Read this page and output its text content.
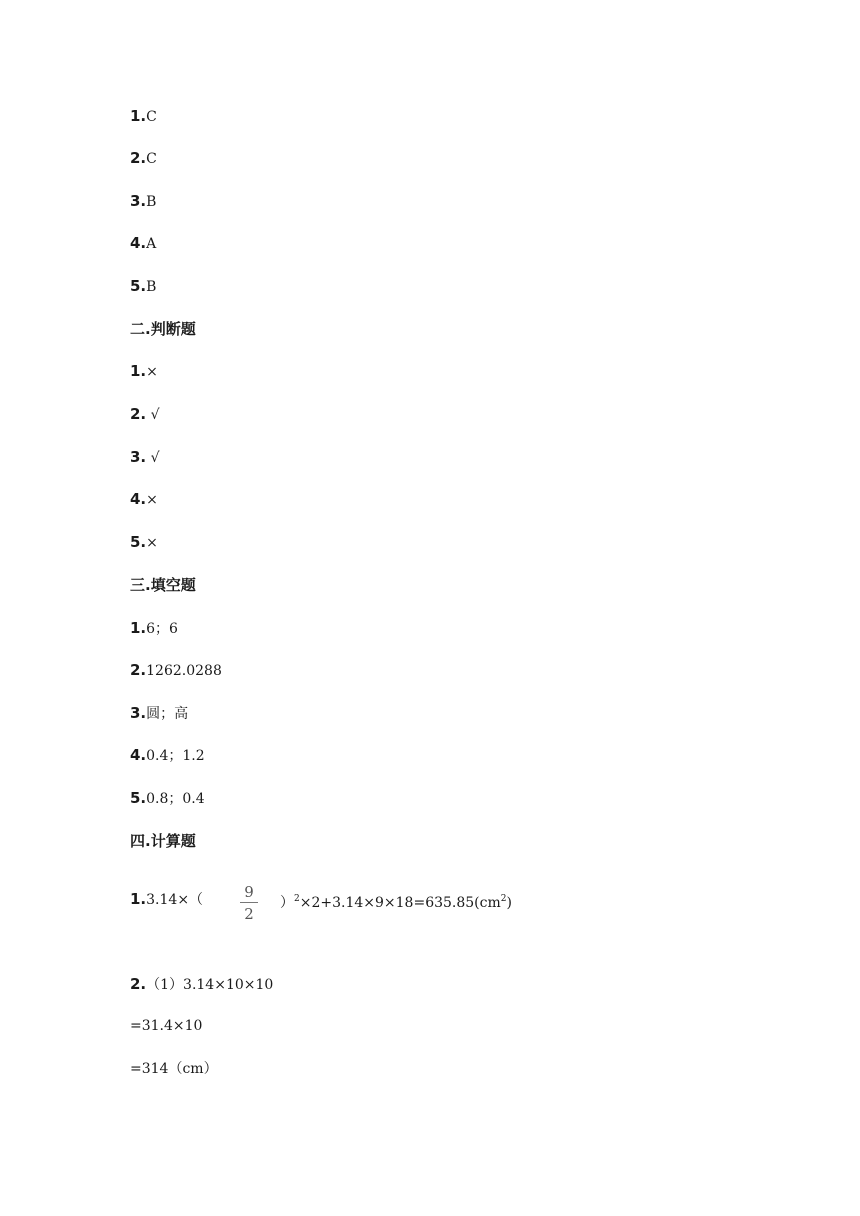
1.C
2.C
3.B
4.A
5.B
二.判断题
1.×
2. √
3. √
4.×
5.×
三.填空题
1.6；6
2.1262.0288
3.圆；高
4.0.4；1.2
5.0.8；0.4
四.计算题
1.3.14×（	9
2
）$^2\times 2+3.14\times 9\times 18=635.85(cm^2)$
2.（1）3.14×10×10
=31.4×10
=314（cm）
